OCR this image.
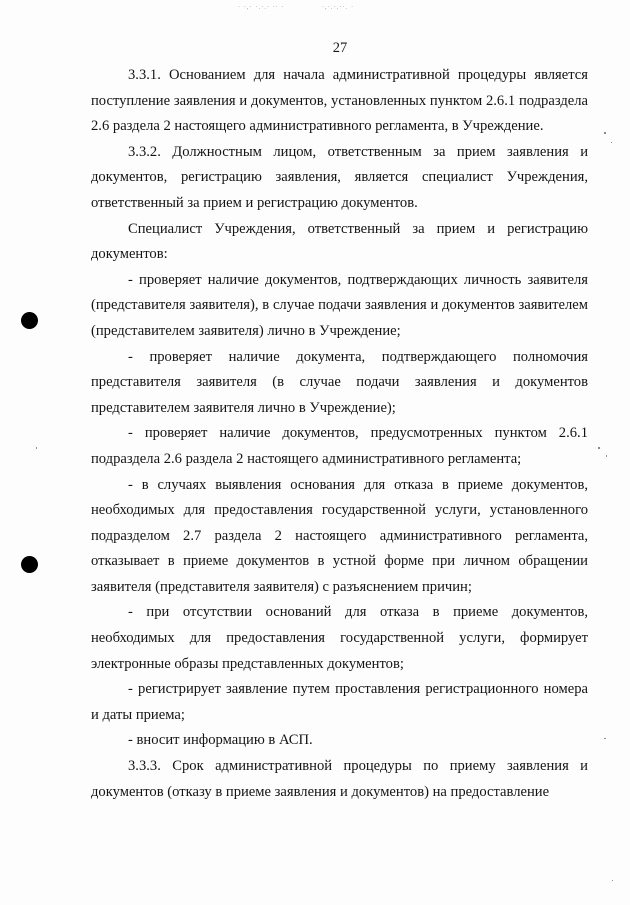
· ·,· ·.·.· ·· ·	·,·.·.··. ·
27

3.3.1. Основанием для начала административной процедуры является поступление заявления и документов, установленных пунктом 2.6.1 подраздела 2.6 раздела 2 настоящего административного регламента, в Учреждение.

3.3.2. Должностным лицом, ответственным за прием заявления и документов, регистрацию заявления, является специалист Учреждения, ответственный за прием и регистрацию документов.

Специалист Учреждения, ответственный за прием и регистрацию документов:

- проверяет наличие документов, подтверждающих личность заявителя (представителя заявителя), в случае подачи заявления и документов заявителем (представителем заявителя) лично в Учреждение;

- проверяет наличие документа, подтверждающего полномочия представителя заявителя (в случае подачи заявления и документов представителем заявителя лично в Учреждение);

- проверяет наличие документов, предусмотренных пунктом 2.6.1 подраздела 2.6 раздела 2 настоящего административного регламента;

- в случаях выявления основания для отказа в приеме документов, необходимых для предоставления государственной услуги, установленного подразделом 2.7 раздела 2 настоящего административного регламента, отказывает в приеме документов в устной форме при личном обращении заявителя (представителя заявителя) с разъяснением причин;

- при отсутствии оснований для отказа в приеме документов, необходимых для предоставления государственной услуги, формирует электронные образы представленных документов;

- регистрирует заявление путем проставления регистрационного номера и даты приема;

- вносит информацию в АСП.

3.3.3. Срок административной процедуры по приему заявления и документов (отказу в приеме заявления и документов) на предоставление
